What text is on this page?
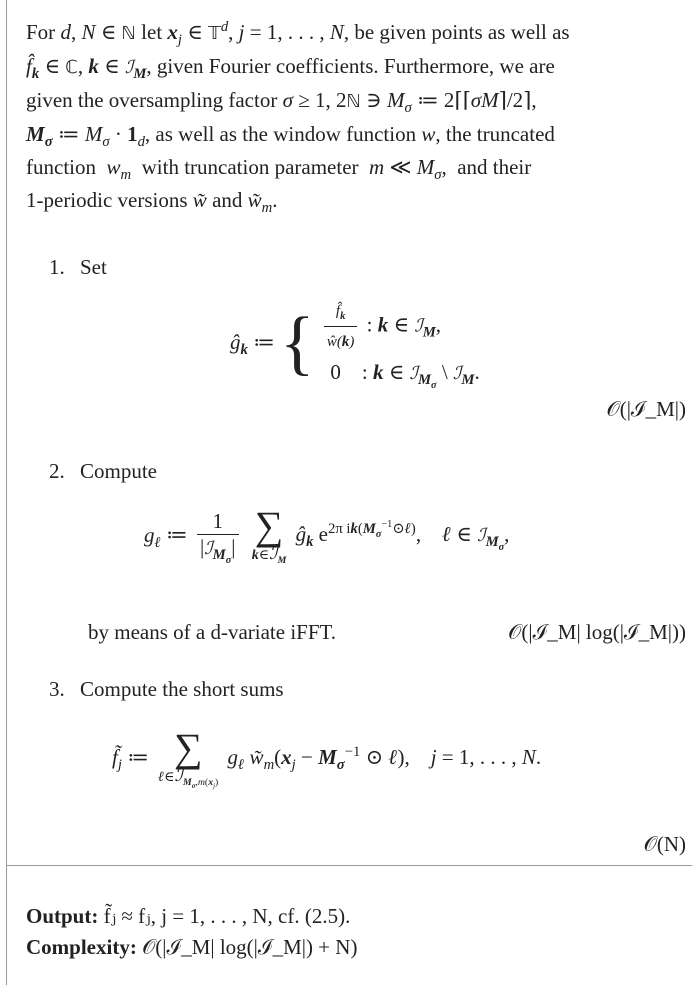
For d, N ∈ ℕ let $x_j$ ∈ 𝕋$^d$, j = 1, . . . , N, be given points as well as
$f̂_k$ ∈ ℂ, k ∈ ℐ$_M$, given Fourier coefficients. Furthermore, we are
given the oversampling factor σ ≥ 1, 2ℕ ∋ $M_\sigma$ ≔ 2⌈⌈σM⌉/2⌉,
$M_\sigma$ ≔ $M_\sigma \cdot 1_d$, as well as the window function w, the truncated
function $w_m$ with truncation parameter m ≪ $M_\sigma$,  and their
1-periodic versions w̃ and $w̃_m$.
1. Set
$ĝ_k$ ≔ { $\frac{f̂_k}{ŵ(k)}$ : k ∈ ℐ$_M$,
0    : k ∈ ℐ$_{M_\sigma}$ \ ℐ$_M$.
𝒪(|ℐ_M|)
2. Compute
$g_\ell$ ≔ $\frac{1}{|ℐ_{M_\sigma}|}$
∑
k∈ℐ$_M$
$ĝ_k$ $e^{2\pi ik(M_\sigma^{-1}⊙\ell)}$,    ℓ ∈ ℐ$_{M_\sigma}$,
by means of a d-variate iFFT.	𝒪(|ℐ_M| log(|ℐ_M|))
3. Compute the short sums
$f̃_j$ ≔ ∑
ℓ∈ℐ$_{M_\sigma,m(x_j)}$
$g_\ell$ $w̃_m(x_j - M_\sigma^{-1}$ ⊙ ℓ),    j = 1, . . . , N.
𝒪(N)
Output: f̃ⱼ ≈ fⱼ, j = 1, . . . , N, cf. (2.5).
Complexity: 𝒪(|ℐ_M| log(|ℐ_M|) + N)
